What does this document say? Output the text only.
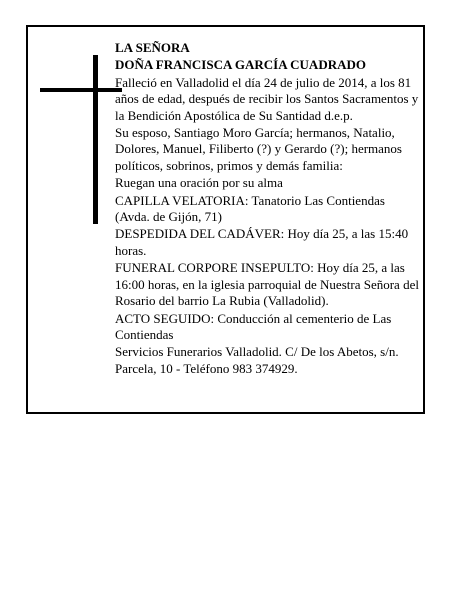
LA SEÑORA

DOÑA FRANCISCA GARCÍA CUADRADO

Falleció en Valladolid el día 24 de julio de 2014, a los 81 años de edad, después de recibir los Santos Sacramentos y la Bendición Apostólica de Su Santidad d.e.p.

Su esposo, Santiago Moro García; hermanos, Natalio, Dolores, Manuel, Filiberto (?) y Gerardo (?); hermanos políticos, sobrinos, primos y demás familia:

Ruegan una oración por su alma

CAPILLA VELATORIA: Tanatorio Las Contiendas (Avda. de Gijón, 71)

DESPEDIDA DEL CADÁVER: Hoy día 25, a las 15:40 horas.

FUNERAL CORPORE INSEPULTO: Hoy día 25, a las 16:00 horas, en la iglesia parroquial de Nuestra Señora del Rosario del barrio La Rubia (Valladolid).

ACTO SEGUIDO: Conducción al cementerio de Las Contiendas

Servicios Funerarios Valladolid. C/ De los Abetos, s/n. Parcela, 10 - Teléfono 983 374929.
